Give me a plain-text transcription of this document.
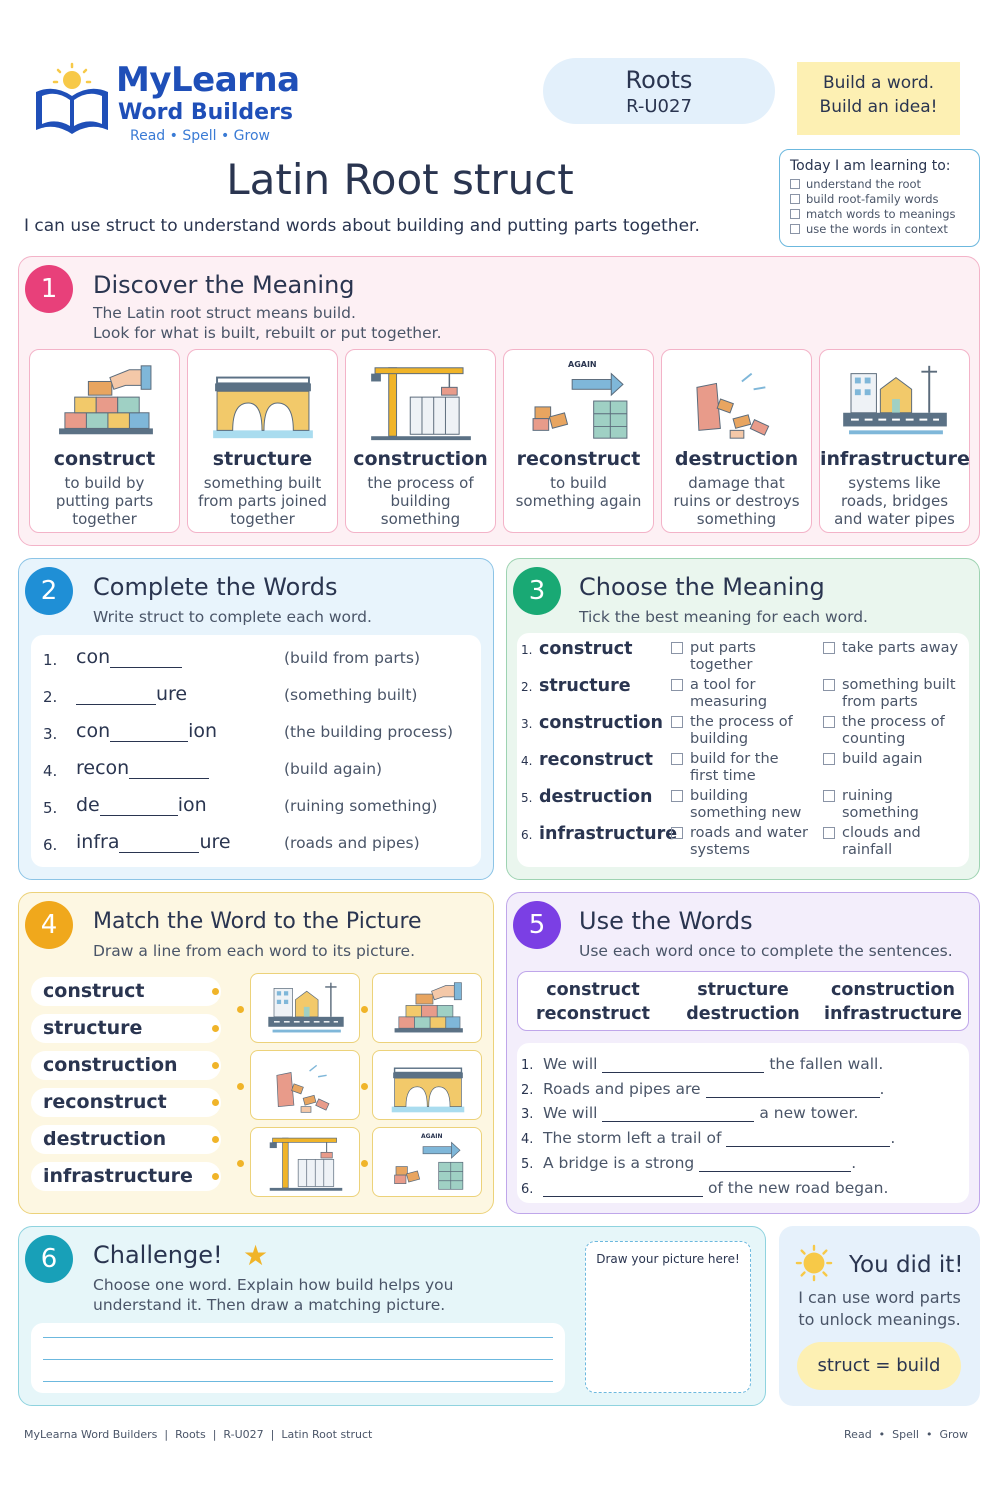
MyLearna
Word Builders
Read • Spell • Grow
Roots
R-U027
Build a word.
Build an idea!
Latin Root struct
I can use struct to understand words about building and putting parts together.
Today I am learning to:
understand the root
build root-family words
match words to meanings
use the words in context
1	Discover the Meaning
The Latin root struct means build.
Look for what is built, rebuilt or put together.
construct
to build by putting parts together
structure
something built from parts joined together
construction
the process of building something
AGAIN
reconstruct
to build something again
destruction
damage that ruins or destroys something
infrastructure
systems like roads, bridges and water pipes
2	Complete the Words
Write struct to complete each word.
1. con	(build from parts)
2.	ure	(something built)
3. con	ion	(the building process)
4. recon	(build again)
5. de	ion	(ruining something)
6. infra	ure	(roads and pipes)
3	Choose the Meaning
Tick the best meaning for each word.
1. construct	put parts together
take parts away
2. structure	a tool for measuring
something built from parts
3. construction	the process of building
the process of counting
4. reconstruct	build for the first time
build again
5. destruction	building something new
ruining something
6. infrastructure roads and water systems
clouds and rainfall
4	Match the Word to the Picture
Draw a line from each word to its picture.
construct
structure
construction
reconstruct
destruction
infrastructure
AGAIN
5	Use the Words
Use each word once to complete the sentences.
construct	structure	construction
reconstruct	destruction	infrastructure
1. We will	the fallen wall.
2. Roads and pipes are	.
3. We will	a new tower.
4. The storm left a trail of	.
5. A bridge is a strong	.
6.	of the new road began.
6	Challenge! ★
Choose one word. Explain how build helps you
understand it. Then draw a matching picture.
Draw your picture here!	You did it!
I can use word parts
to unlock meanings.
struct = build
MyLearna Word Builders  |  Roots  |  R-U027  |  Latin Root struct	Read  •  Spell  •  Grow
